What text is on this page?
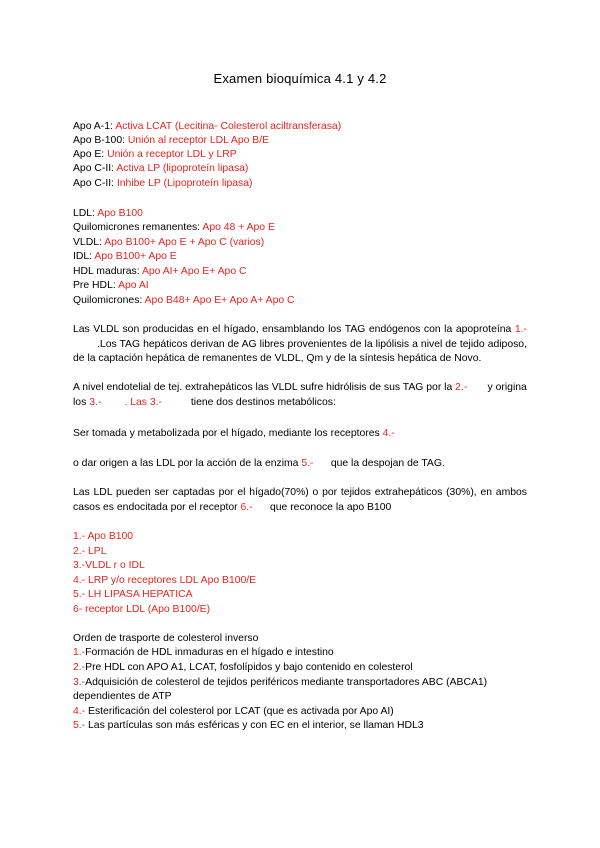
Examen bioquímica 4.1 y 4.2
Apo A-1: Activa LCAT (Lecitina- Colesterol aciltransferasa)
Apo B-100: Unión al receptor LDL Apo B/E
Apo E: Unión a receptor LDL y LRP
Apo C-II: Activa LP (lipoproteín lipasa)
Apo C-II: Inhibe LP (Lipoproteín lipasa)
LDL: Apo B100
Quilomicrones remanentes: Apo 48 + Apo E
VLDL: Apo B100+ Apo E + Apo C (varios)
IDL: Apo B100+ Apo E
HDL maduras: Apo AI+ Apo E+ Apo C
Pre HDL: Apo AI
Quilomicrones: Apo B48+ Apo E+ Apo A+ Apo C
Las VLDL son producidas en el hígado, ensamblando los TAG endógenos con la apoproteína 1.-        .Los TAG hepáticos derivan de AG libres provenientes de la lipólisis a nivel de tejido adiposo, de la captación hepática de remanentes de VLDL, Qm y de la síntesis hepática de Novo.
A nivel endotelial de tej. extrahepáticos las VLDL sufre hidrólisis de sus TAG por la 2.- y origina los 3.- . Las 3.-	tiene dos destinos metabólicos:
Ser tomada y metabolizada por el hígado, mediante los receptores 4.-
o dar origen a las LDL por la acción de la enzima 5.- que la despojan de TAG.
Las LDL pueden ser captadas por el hígado(70%) o por tejidos extrahepáticos (30%), en ambos casos es endocitada por el receptor 6.- que reconoce la apo B100
1.- Apo B100
2.- LPL
3.-VLDL r o IDL
4.- LRP y/o receptores LDL Apo B100/E
5.- LH LIPASA HEPATICA
6- receptor LDL (Apo B100/E)
Orden de trasporte de colesterol inverso
1.-Formación de HDL inmaduras en el hígado e intestino
2.-Pre HDL con APO A1, LCAT, fosfolípidos y bajo contenido en colesterol
3.-Adquisición de colesterol de tejidos periféricos mediante transportadores ABC (ABCA1)
dependientes de ATP
4.- Esterificación del colesterol por LCAT (que es activada por Apo AI)
5.- Las partículas son más esféricas y con EC en el interior, se llaman HDL3
